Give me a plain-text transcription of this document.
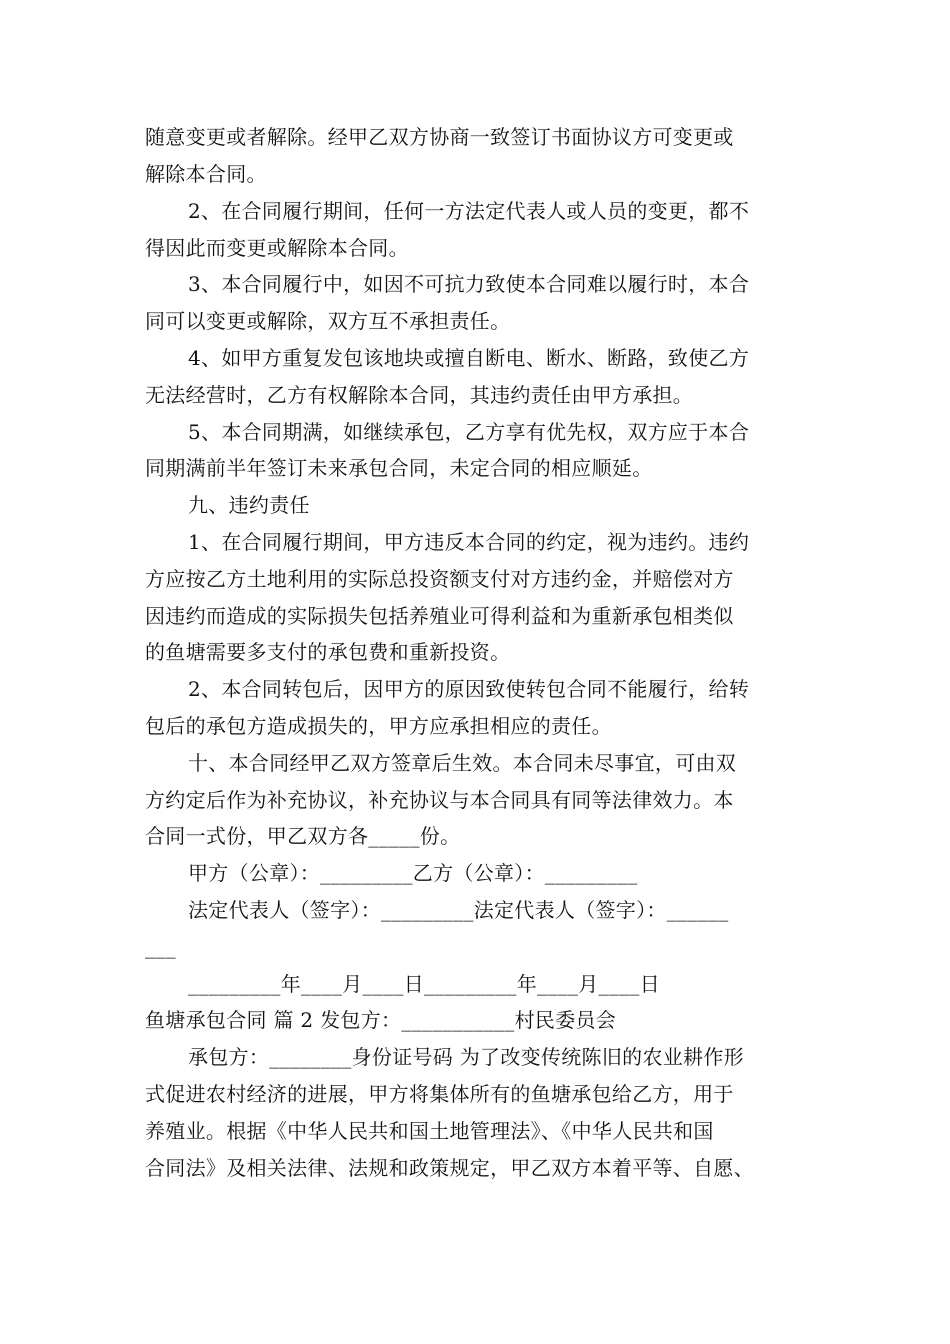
随意变更或者解除。经甲乙双方协商一致签订书面协议方可变更或
解除本合同。
2、在合同履行期间，任何一方法定代表人或人员的变更，都不
得因此而变更或解除本合同。
3、本合同履行中，如因不可抗力致使本合同难以履行时，本合
同可以变更或解除，双方互不承担责任。
4、如甲方重复发包该地块或擅自断电、断水、断路，致使乙方
无法经营时，乙方有权解除本合同，其违约责任由甲方承担。
5、本合同期满，如继续承包，乙方享有优先权，双方应于本合
同期满前半年签订未来承包合同，未定合同的相应顺延。
九、违约责任
1、在合同履行期间，甲方违反本合同的约定，视为违约。违约
方应按乙方土地利用的实际总投资额支付对方违约金，并赔偿对方
因违约而造成的实际损失包括养殖业可得利益和为重新承包相类似
的鱼塘需要多支付的承包费和重新投资。
2、本合同转包后，因甲方的原因致使转包合同不能履行，给转
包后的承包方造成损失的，甲方应承担相应的责任。
十、本合同经甲乙双方签章后生效。本合同未尽事宜，可由双
方约定后作为补充协议，补充协议与本合同具有同等法律效力。本
合同一式份，甲乙双方各_____份。
甲方（公章）：_________乙方（公章）：_________
法定代表人（签字）：_________法定代表人（签字）：______
___
_________年____月____日_________年____月____日
鱼塘承包合同 篇 2 发包方：___________村民委员会
承包方：________身份证号码 为了改变传统陈旧的农业耕作形
式促进农村经济的进展，甲方将集体所有的鱼塘承包给乙方，用于
养殖业。根据《中华人民共和国土地管理法》、《中华人民共和国
合同法》及相关法律、法规和政策规定，甲乙双方本着平等、自愿、
